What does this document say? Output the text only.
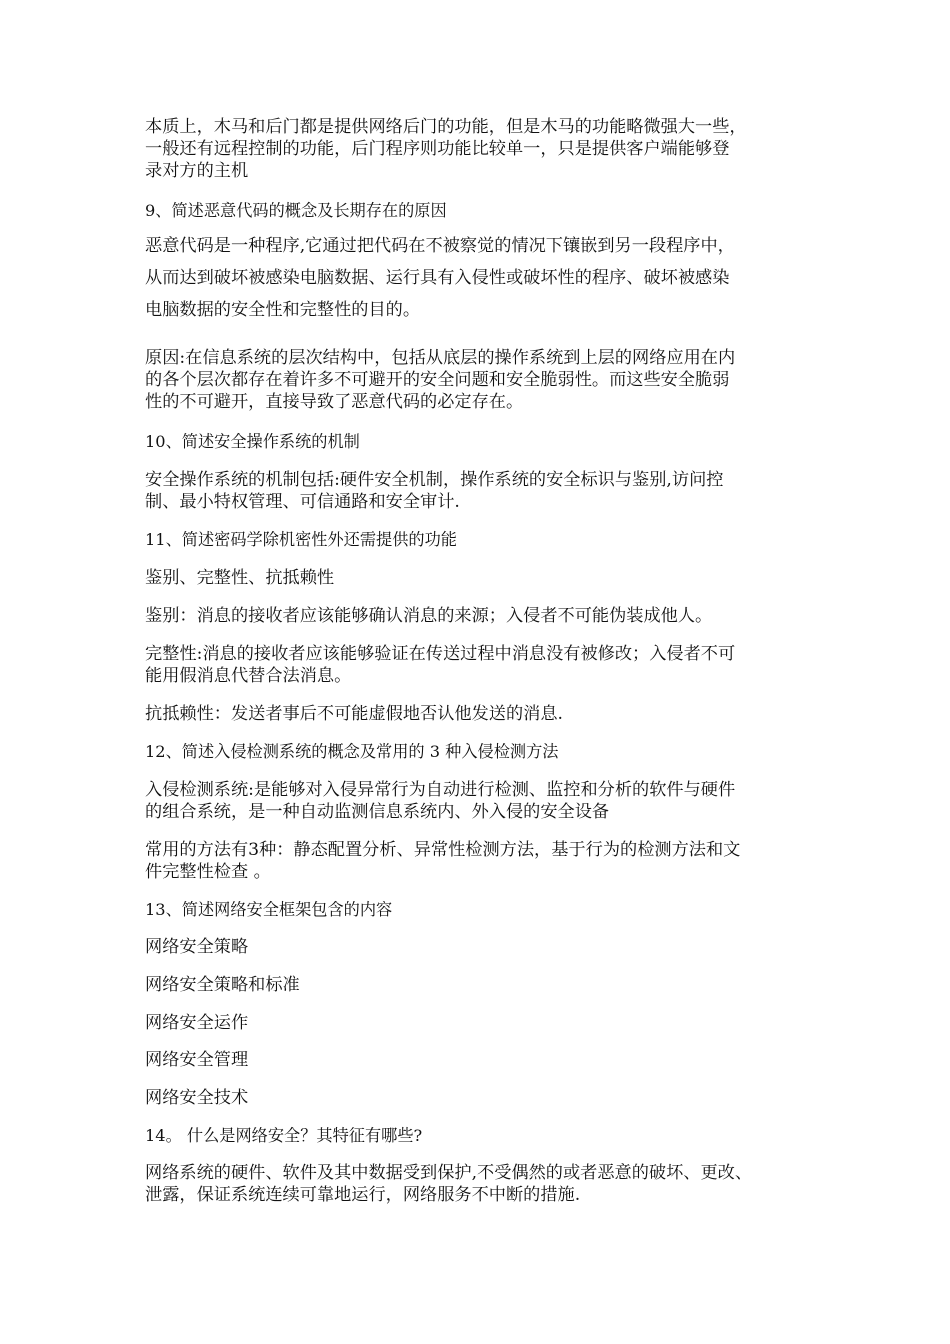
本质上，木马和后门都是提供网络后门的功能，但是木马的功能略微强大一些，
一般还有远程控制的功能，后门程序则功能比较单一，只是提供客户端能够登
录对方的主机

9、简述恶意代码的概念及长期存在的原因

恶意代码是一种程序,它通过把代码在不被察觉的情况下镶嵌到另一段程序中，
从而达到破坏被感染电脑数据、运行具有入侵性或破坏性的程序、破坏被感染
电脑数据的安全性和完整性的目的。

原因:在信息系统的层次结构中，包括从底层的操作系统到上层的网络应用在内
的各个层次都存在着许多不可避开的安全问题和安全脆弱性。而这些安全脆弱
性的不可避开，直接导致了恶意代码的必定存在。

10、简述安全操作系统的机制

安全操作系统的机制包括:硬件安全机制，操作系统的安全标识与鉴别,访问控
制、最小特权管理、可信通路和安全审计.

11、简述密码学除机密性外还需提供的功能

鉴别、完整性、抗抵赖性

鉴别：消息的接收者应该能够确认消息的来源；入侵者不可能伪装成他人。

完整性:消息的接收者应该能够验证在传送过程中消息没有被修改；入侵者不可
能用假消息代替合法消息。

抗抵赖性：发送者事后不可能虚假地否认他发送的消息.

12、简述入侵检测系统的概念及常用的 3 种入侵检测方法

入侵检测系统:是能够对入侵异常行为自动进行检测、监控和分析的软件与硬件
的组合系统，是一种自动监测信息系统内、外入侵的安全设备

常用的方法有3种：静态配置分析、异常性检测方法，基于行为的检测方法和文
件完整性检查 。

13、简述网络安全框架包含的内容

网络安全策略

网络安全策略和标准

网络安全运作

网络安全管理

网络安全技术

14。 什么是网络安全？其特征有哪些?

网络系统的硬件、软件及其中数据受到保护,不受偶然的或者恶意的破坏、更改、
泄露，保证系统连续可靠地运行，网络服务不中断的措施.
